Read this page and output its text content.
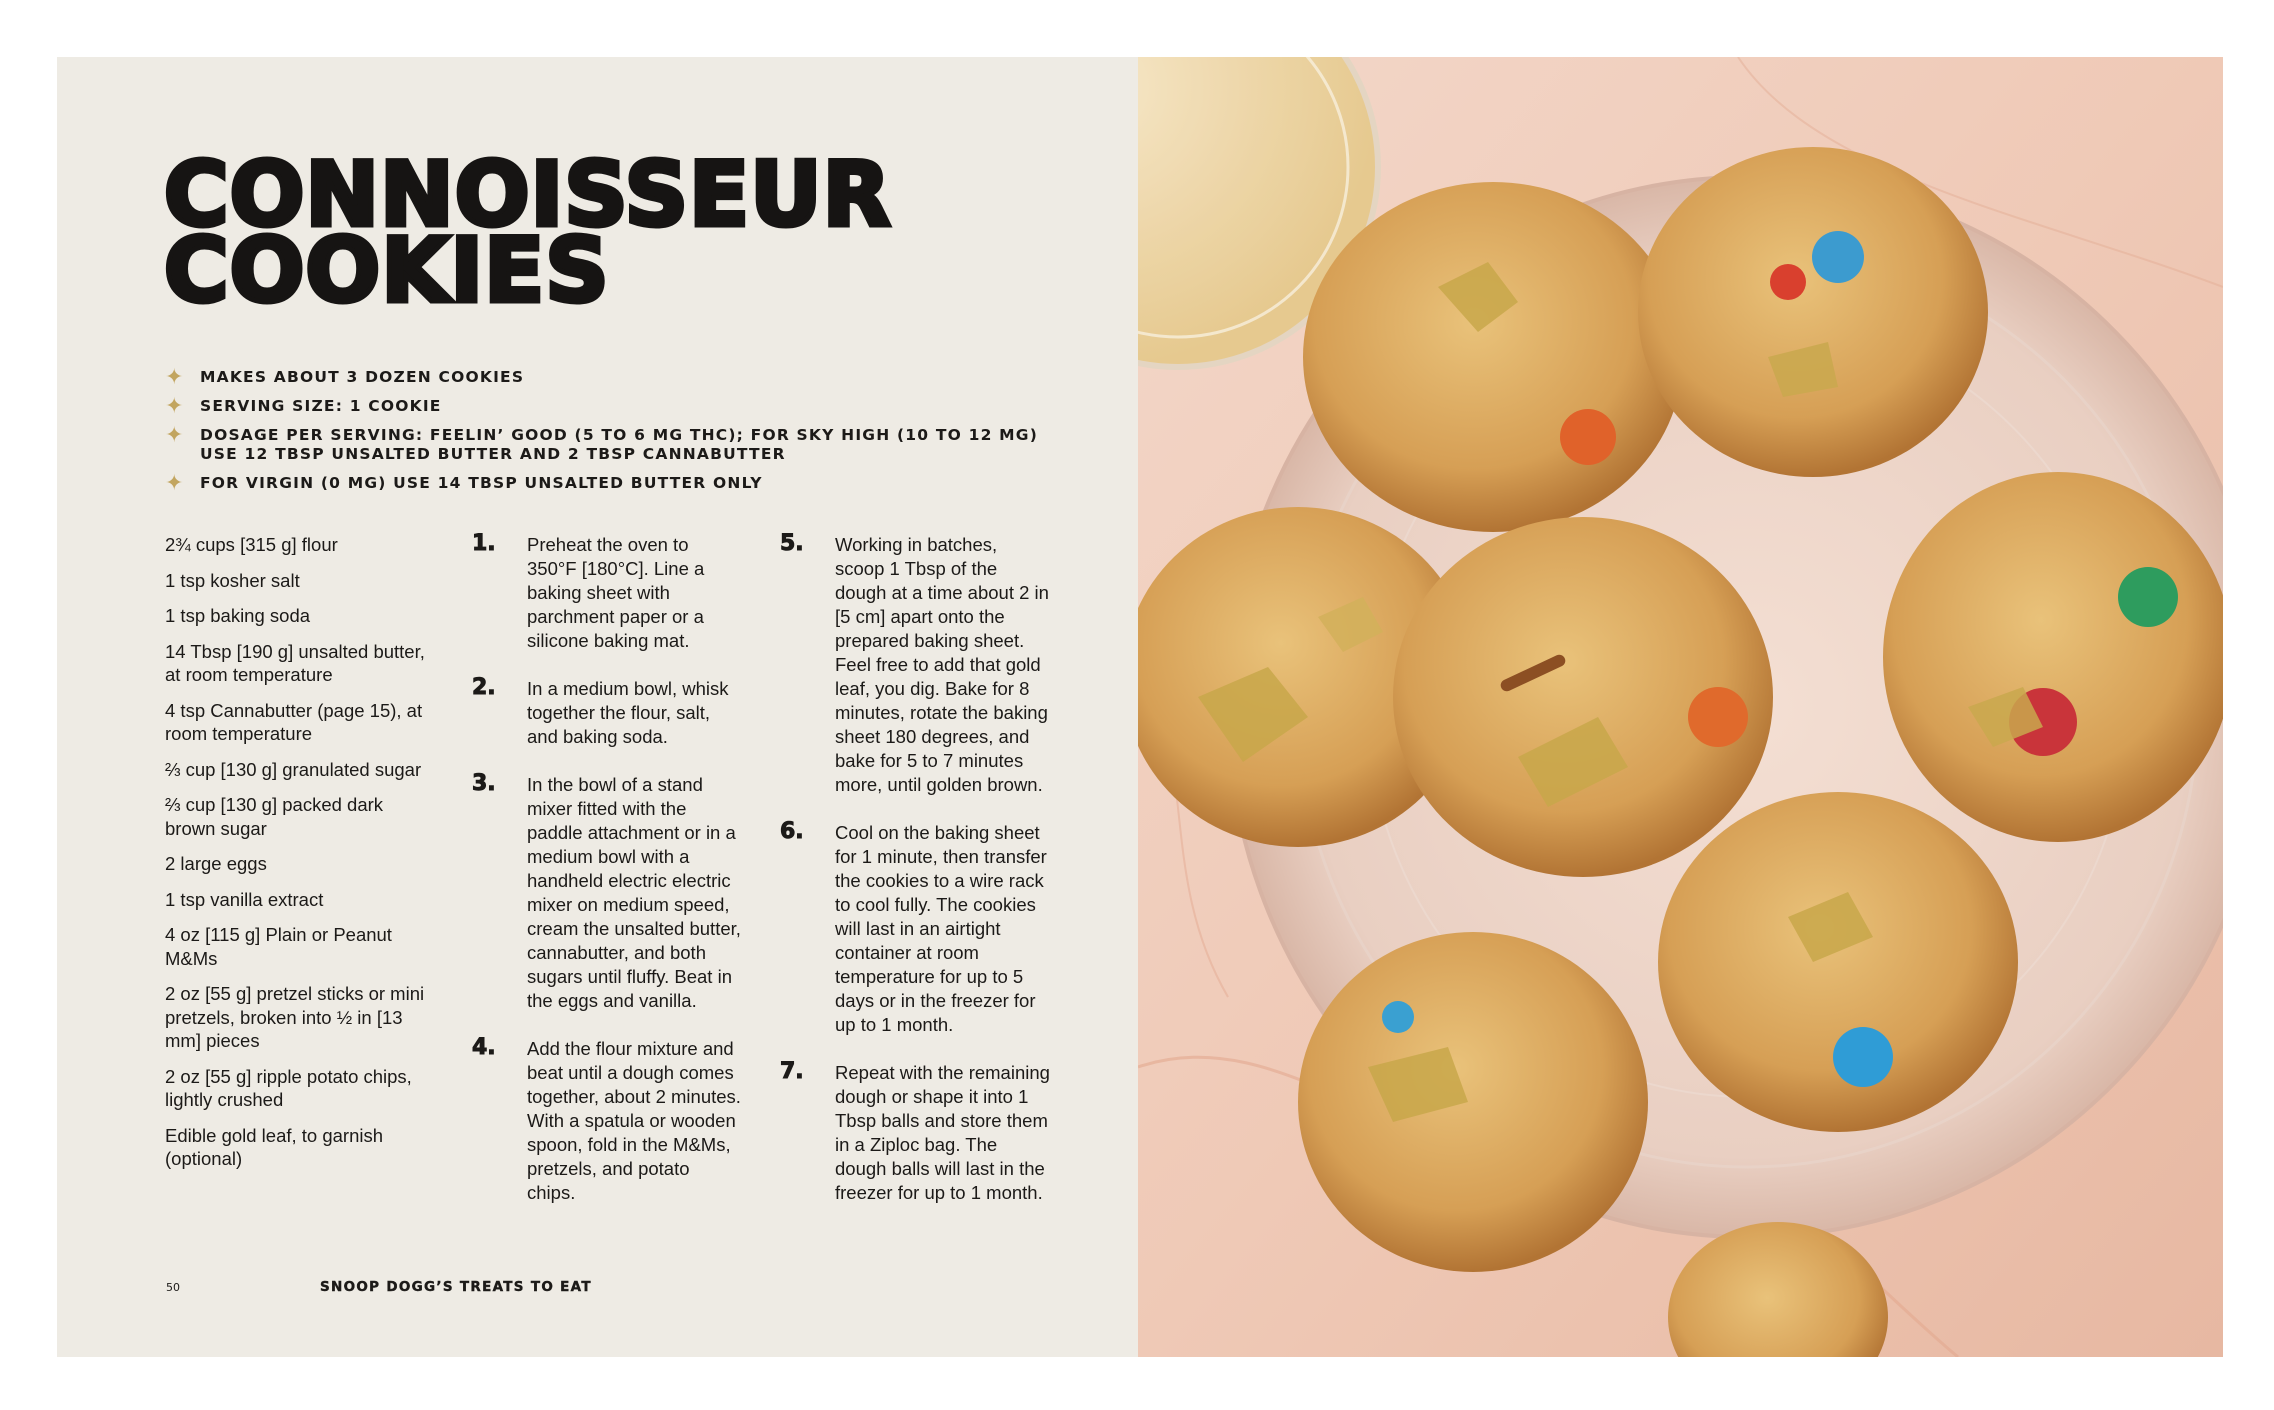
CONNOISSEUR
COOKIES
✦ MAKES ABOUT 3 DOZEN COOKIES
✦ SERVING SIZE: 1 COOKIE
✦ DOSAGE PER SERVING: FEELIN’ GOOD (5 TO 6 MG THC); FOR SKY HIGH (10 TO 12 MG) USE 12 TBSP UNSALTED BUTTER AND 2 TBSP CANNABUTTER
✦ FOR VIRGIN (0 MG) USE 14 TBSP UNSALTED BUTTER ONLY
2¾ cups [315 g] flour
1 tsp kosher salt
1 tsp baking soda
14 Tbsp [190 g] unsalted butter, at room temperature
4 tsp Cannabutter (page 15), at room temperature
⅔ cup [130 g] granulated sugar
⅔ cup [130 g] packed dark brown sugar
2 large eggs
1 tsp vanilla extract
4 oz [115 g] Plain or Peanut M&Ms
2 oz [55 g] pretzel sticks or mini pretzels, broken into ½ in [13 mm] pieces
2 oz [55 g] ripple potato chips, lightly crushed
Edible gold leaf, to garnish (optional)
1. Preheat the oven to 350°F [180°C]. Line a baking sheet with parchment paper or a silicone baking mat.
2. In a medium bowl, whisk together the flour, salt, and baking soda.
3. In the bowl of a stand mixer fitted with the paddle attachment or in a medium bowl with a handheld electric electric mixer on medium speed, cream the unsalted butter, cannabutter, and both sugars until fluffy. Beat in the eggs and vanilla.
4. Add the flour mixture and beat until a dough comes together, about 2 minutes. With a spatula or wooden spoon, fold in the M&Ms, pretzels, and potato chips.
5. Working in batches, scoop 1 Tbsp of the dough at a time about 2 in [5 cm] apart onto the prepared baking sheet. Feel free to add that gold leaf, you dig. Bake for 8 minutes, rotate the baking sheet 180 degrees, and bake for 5 to 7 minutes more, until golden brown.
6. Cool on the baking sheet for 1 minute, then transfer the cookies to a wire rack to cool fully. The cookies will last in an airtight container at room temperature for up to 5 days or in the freezer for up to 1 month.
7. Repeat with the remaining dough or shape it into 1 Tbsp balls and store them in a Ziploc bag. The dough balls will last in the freezer for up to 1 month.
50	SNOOP DOGG’S TREATS TO EAT
